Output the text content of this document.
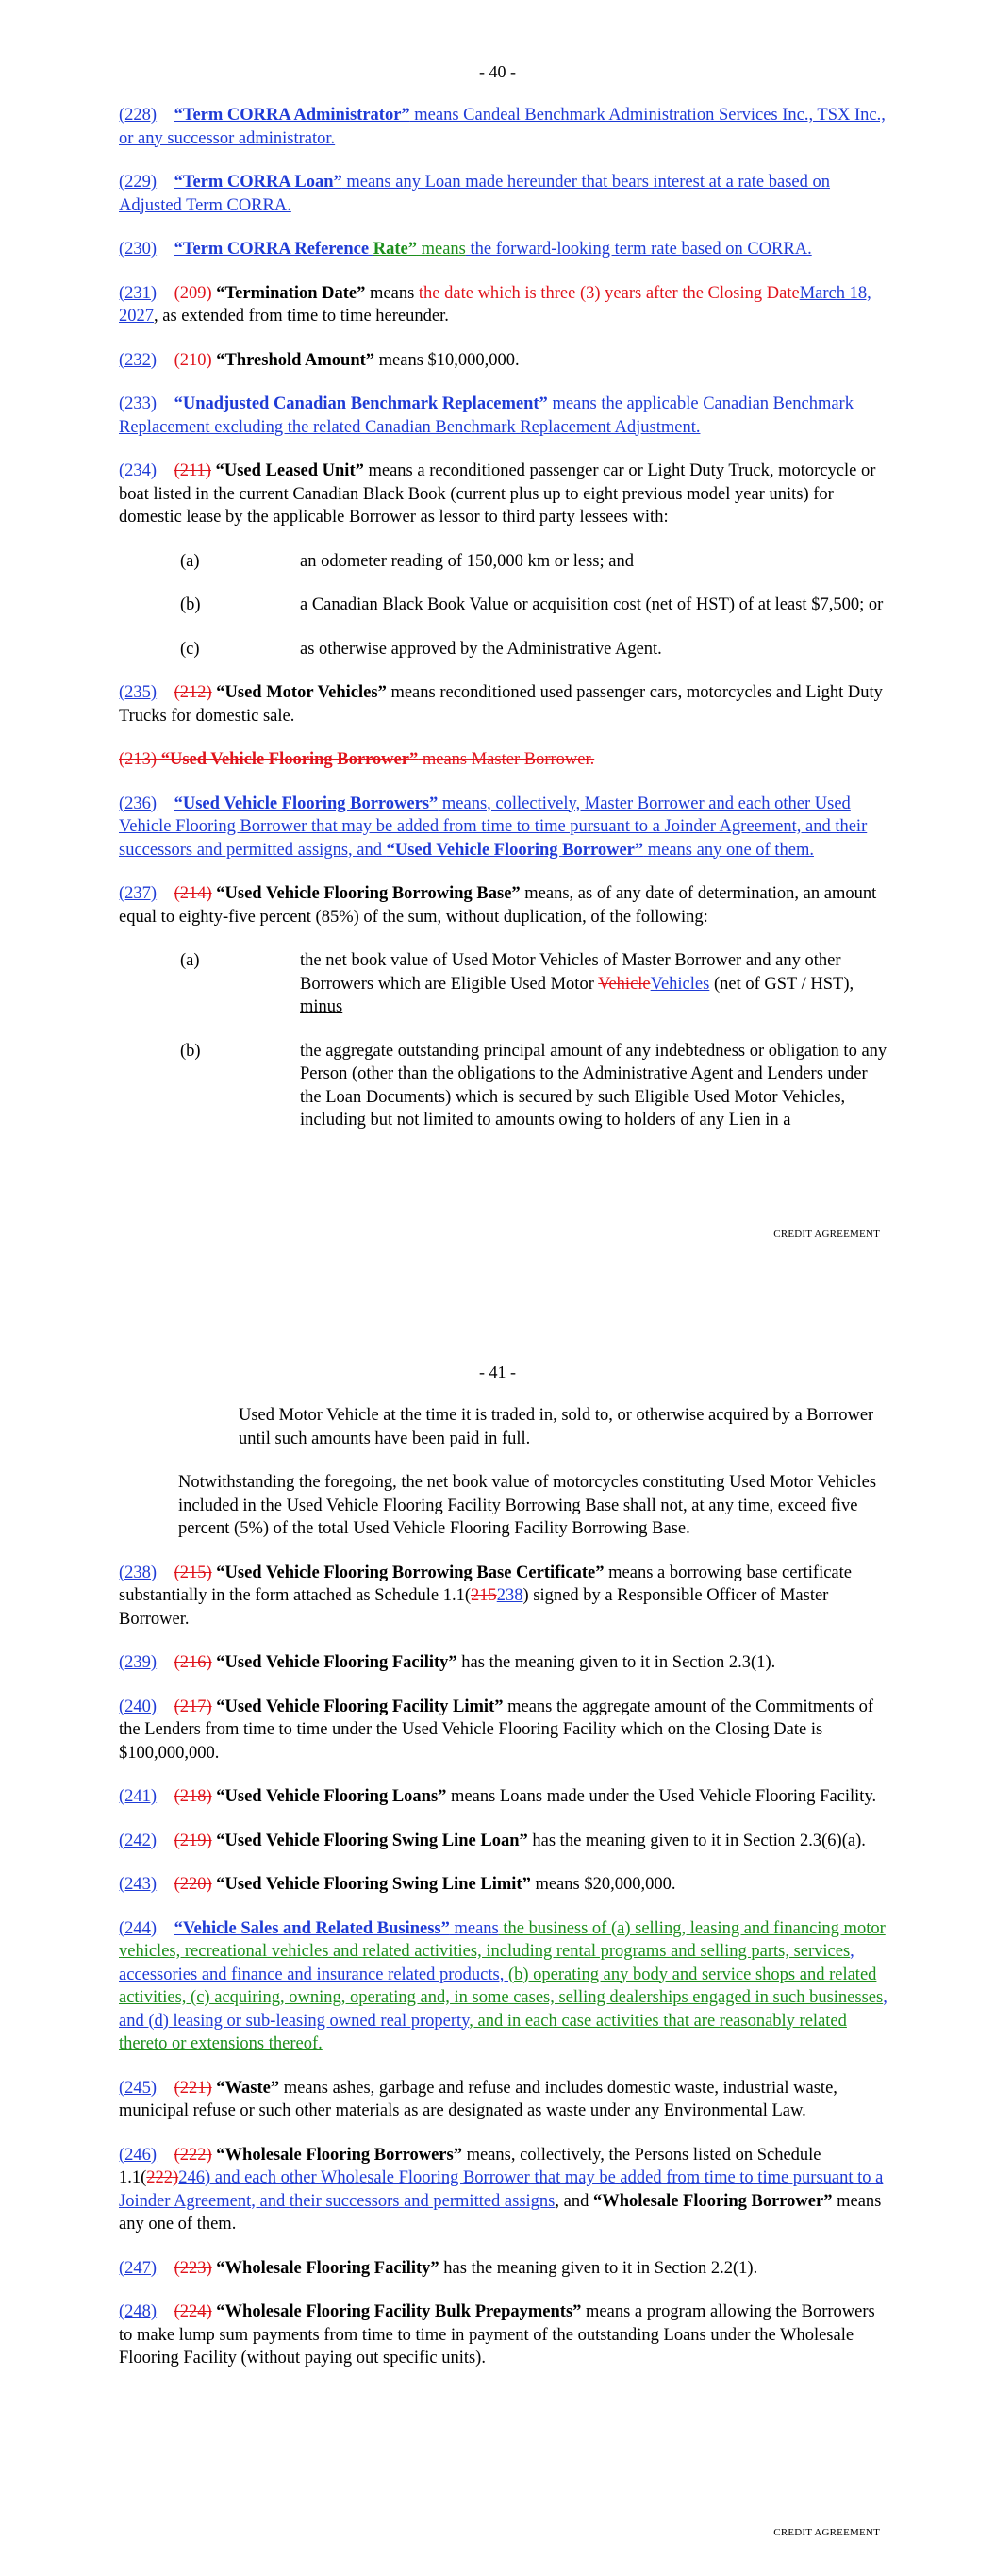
- 40 -

(228) “Term CORRA Administrator” means Candeal Benchmark Administration Services Inc., TSX Inc., or any successor administrator.

(229) “Term CORRA Loan” means any Loan made hereunder that bears interest at a rate based on Adjusted Term CORRA.

(230) “Term CORRA Reference Rate” means the forward-looking term rate based on CORRA.

(231) (209) “Termination Date” means the date which is three (3) years after the Closing DateMarch 18, 2027, as extended from time to time hereunder.

(232) (210) “Threshold Amount” means $10,000,000.

(233) “Unadjusted Canadian Benchmark Replacement” means the applicable Canadian Benchmark Replacement excluding the related Canadian Benchmark Replacement Adjustment.

(234) (211) “Used Leased Unit” means a reconditioned passenger car or Light Duty Truck, motorcycle or boat listed in the current Canadian Black Book (current plus up to eight previous model year units) for domestic lease by the applicable Borrower as lessor to third party lessees with:

(a)	an odometer reading of 150,000 km or less; and
(b)	a Canadian Black Book Value or acquisition cost (net of HST) of at least $7,500; or
(c)	as otherwise approved by the Administrative Agent.

(235) (212) “Used Motor Vehicles” means reconditioned used passenger cars, motorcycles and Light Duty Trucks for domestic sale.

(213) “Used Vehicle Flooring Borrower” means Master Borrower.

(236) “Used Vehicle Flooring Borrowers” means, collectively, Master Borrower and each other Used Vehicle Flooring Borrower that may be added from time to time pursuant to a Joinder Agreement, and their successors and permitted assigns, and “Used Vehicle Flooring Borrower” means any one of them.

(237) (214) “Used Vehicle Flooring Borrowing Base” means, as of any date of determination, an amount equal to eighty-five percent (85%) of the sum, without duplication, of the following:

(a)	the net book value of Used Motor Vehicles of Master Borrower and any other Borrowers which are Eligible Used Motor VehicleVehicles (net of GST / HST), minus
(b)	the aggregate outstanding principal amount of any indebtedness or obligation to any Person (other than the obligations to the Administrative Agent and Lenders under the Loan Documents) which is secured by such Eligible Used Motor Vehicles, including but not limited to amounts owing to holders of any Lien in a
CREDIT AGREEMENT
- 41 -
Used Motor Vehicle at the time it is traded in, sold to, or otherwise acquired by a Borrower until such amounts have been paid in full.

Notwithstanding the foregoing, the net book value of motorcycles constituting Used Motor Vehicles included in the Used Vehicle Flooring Facility Borrowing Base shall not, at any time, exceed five percent (5%) of the total Used Vehicle Flooring Facility Borrowing Base.

(238) (215) “Used Vehicle Flooring Borrowing Base Certificate” means a borrowing base certificate substantially in the form attached as Schedule 1.1(215238) signed by a Responsible Officer of Master Borrower.

(239) (216) “Used Vehicle Flooring Facility” has the meaning given to it in Section 2.3(1).

(240) (217) “Used Vehicle Flooring Facility Limit” means the aggregate amount of the Commitments of the Lenders from time to time under the Used Vehicle Flooring Facility which on the Closing Date is $100,000,000.

(241) (218) “Used Vehicle Flooring Loans” means Loans made under the Used Vehicle Flooring Facility.

(242) (219) “Used Vehicle Flooring Swing Line Loan” has the meaning given to it in Section 2.3(6)(a).

(243) (220) “Used Vehicle Flooring Swing Line Limit” means $20,000,000.

(244) “Vehicle Sales and Related Business” means the business of (a) selling, leasing and financing motor vehicles, recreational vehicles and related activities, including rental programs and selling parts, services, accessories and finance and insurance related products, (b) operating any body and service shops and related activities, (c) acquiring, owning, operating and, in some cases, selling dealerships engaged in such businesses, and (d) leasing or sub-leasing owned real property, and in each case activities that are reasonably related thereto or extensions thereof.

(245) (221) “Waste” means ashes, garbage and refuse and includes domestic waste, industrial waste, municipal refuse or such other materials as are designated as waste under any Environmental Law.

(246) (222) “Wholesale Flooring Borrowers” means, collectively, the Persons listed on Schedule 1.1(222)246) and each other Wholesale Flooring Borrower that may be added from time to time pursuant to a Joinder Agreement, and their successors and permitted assigns, and “Wholesale Flooring Borrower” means any one of them.

(247) (223) “Wholesale Flooring Facility” has the meaning given to it in Section 2.2(1).

(248) (224) “Wholesale Flooring Facility Bulk Prepayments” means a program allowing the Borrowers to make lump sum payments from time to time in payment of the outstanding Loans under the Wholesale Flooring Facility (without paying out specific units).

CREDIT AGREEMENT
